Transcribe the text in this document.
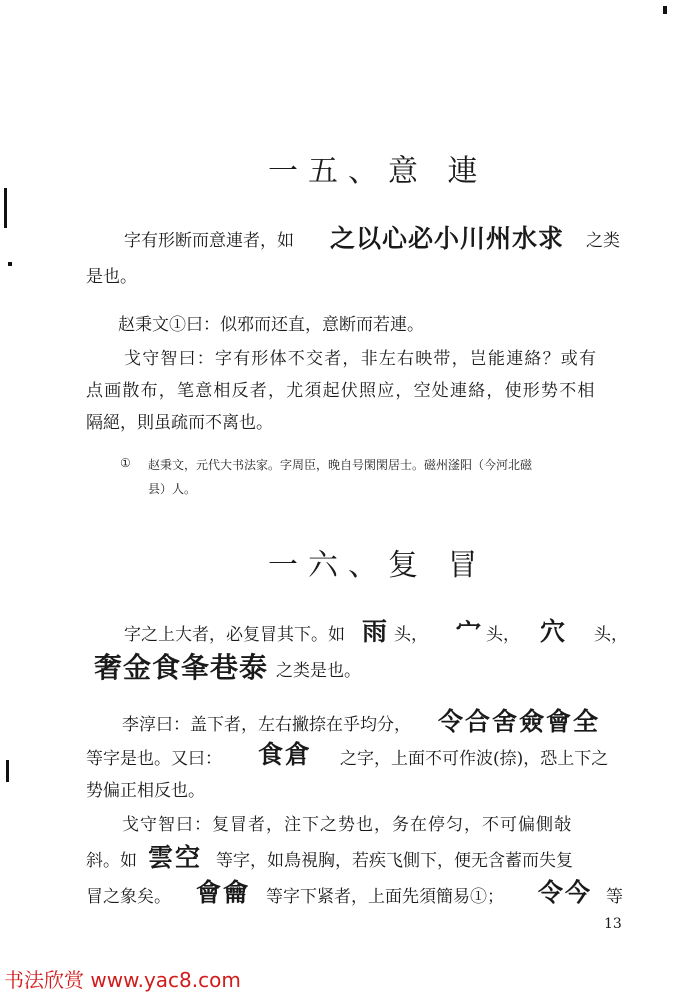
一五、意 連
字有形断而意連者，如 之以心必小川州水求 之类
是也。
赵秉文①曰：似邪而还直，意断而若連。
戈守智曰：字有形体不交者，非左右映带，岂能連絡？或有
点画散布，笔意相反者，尤須起伏照应，空处連絡，使形势不相
隔絕，則虽疏而不离也。
① 赵秉文，元代大书法家。字周臣，晚自号閑閑居士。磁州滏阳（今河北磁
县）人。
一六、复 冒
字之上大者，必复冒其下。如 雨 头， 宀 头， 穴 头，
奢金食夆巷泰 之类是也。
李淳曰：盖下者，左右撇捺在乎均分， 令合舍僉會全
等字是也。又曰： 食倉 之字，上面不可作波(捺)，恐上下之
势偏正相反也。
戈守智曰：复冒者，注下之势也，务在停匀，不可偏側敧
斜。如 雲空 等字，如鳥視胸，若疾飞側下，便无含蓄而失复
冒之象矣。 會龠 等字下紧者，上面先須簡易①； 令今 等
13
书法欣赏 www.yac8.com
